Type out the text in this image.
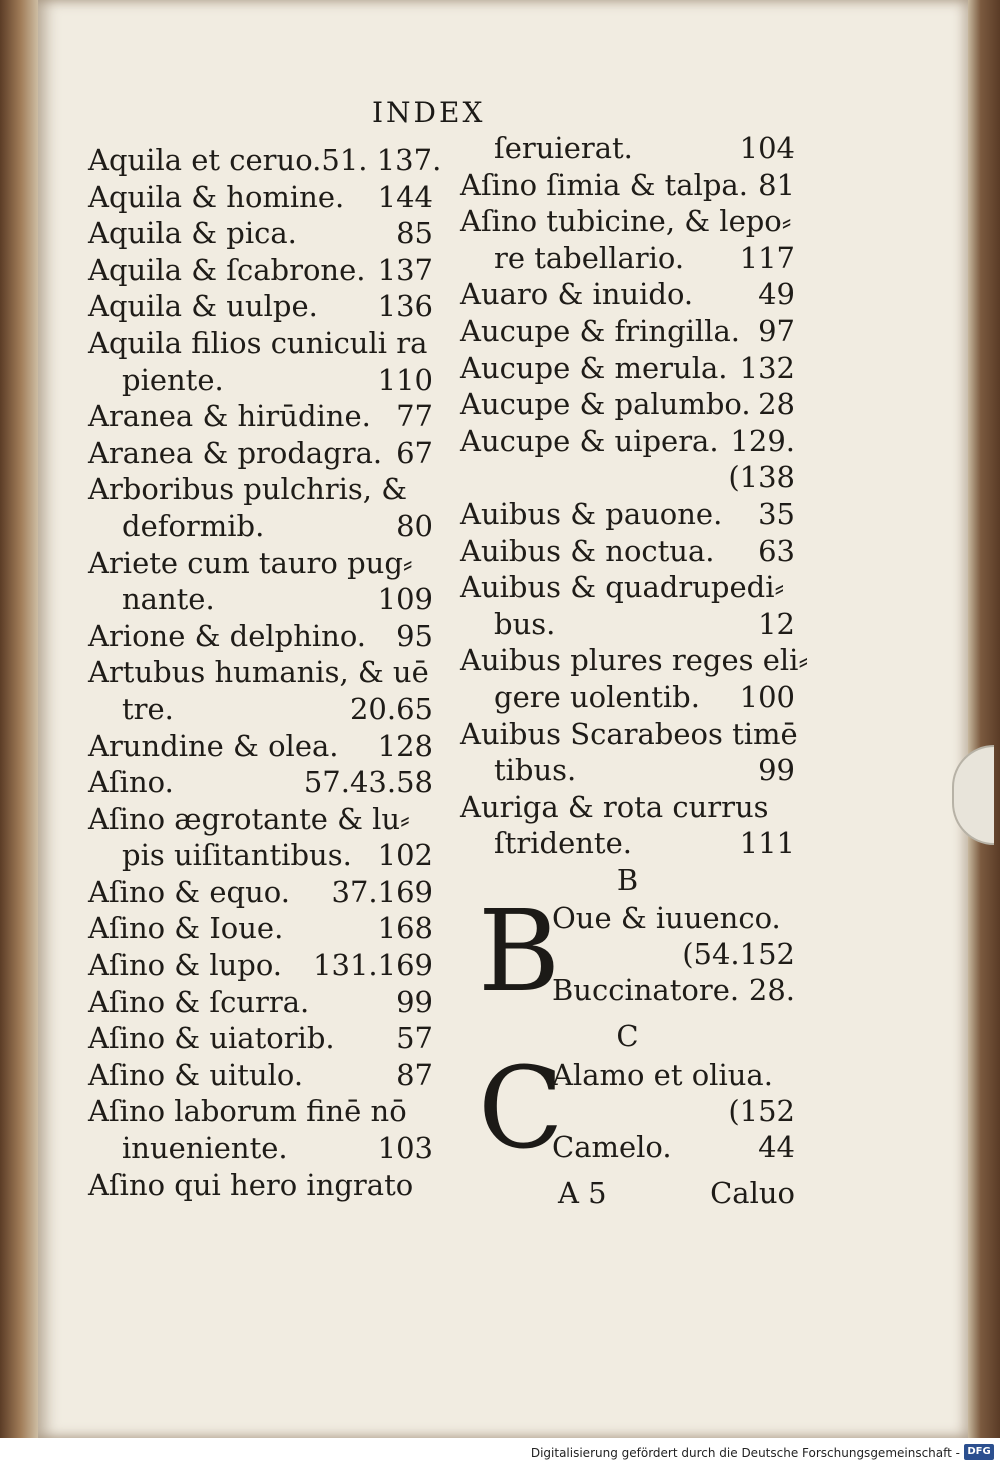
INDEX
Aquila et ceruo. 51. 137.
Aquila & homine. 144
Aquila & pica.	85
Aquila & ſcabrone. 137
Aquila & uulpe. 136
Aquila filios cuniculi ra
piente.	110
Aranea & hirūdine. 77
Aranea & prodagra. 67
Arboribus pulchris, &
deformib.	80
Ariete cum tauro pug⸗
nante.	109
Arione & delphino. 95
Artubus humanis, & uē
tre.	20.65
Arundine & olea. 128
Aſino.	57.43.58
Aſino ægrotante & lu⸗
pis uiſitantibus. 102
Aſino & equo. 37.169
Aſino & Ioue.	168
Aſino & lupo. 131.169
Aſino & ſcurra.	99
Aſino & uiatorib. 57
Aſino & uitulo.	87
Aſino laborum finē nō
inueniente.	103
Aſino qui hero ingrato
ſeruierat.	104
Aſino ſimia & talpa. 81
Aſino tubicine, & lepo⸗
re tabellario. 117
Auaro & inuido. 49
Aucupe & fringilla. 97
Aucupe & merula. 132
Aucupe & palumbo. 28
Aucupe & uipera. 129.
(138
Auibus & pauone. 35
Auibus & noctua. 63
Auibus & quadrupedi⸗
bus.	12
Auibus plures reges eli⸗
gere uolentib. 100
Auibus Scarabeos timē
tibus.	99
Auriga & rota currus
ſtridente.	111
B
B
Oue & iuuenco.
(54.152
Buccinatore. 28.
C
C
Alamo et oliua.
(152
Camelo.	44
A 5	Caluo
Digitalisierung gefördert durch die Deutsche Forschungsgemeinschaft - DFG
